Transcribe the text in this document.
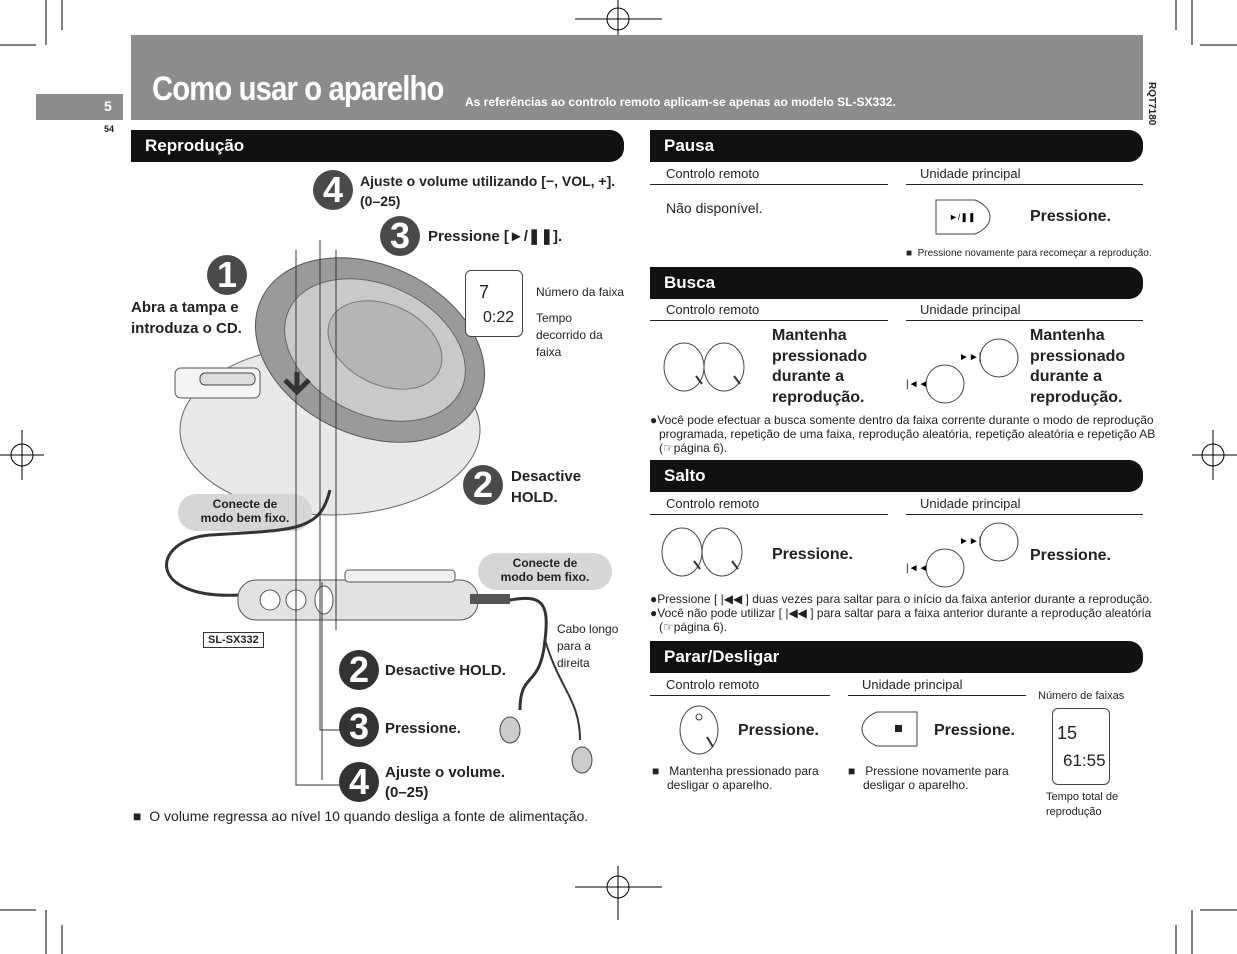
Como usar o aparelho As referências ao controlo remoto aplicam-se apenas ao modelo SL-SX332.
5
54
RQT7180
Reprodução
4	Ajuste o volume utilizando [−, VOL, +].
(0–25)
3	Pressione [►/❚❚].
1
Abra a tampa e
introduza o CD.
7
0:22
Número da faixa
Tempo
decorrido da
faixa
2	Desactive
HOLD.
Conecte de
modo bem fixo.
Conecte de
modo bem fixo.
SL-SX332
Cabo longo
para a
direita
2	Desactive HOLD.
3	Pressione.
4	Ajuste o volume.
(0–25)
■  O volume regressa ao nível 10 quando desliga a fonte de alimentação.
Pausa
Controlo remoto	Unidade principal
Não disponível.
►/❚❚	Pressione.
■  Pressione novamente para recomeçar a reprodução.
Busca
Controlo remoto	Unidade principal
Mantenha
pressionado
durante a
reprodução.
►►|
|◄◄
Mantenha
pressionado
durante a
reprodução.
●Você pode efectuar a busca somente dentro da faixa corrente durante o modo de reprodução
programada, repetição de uma faixa, reprodução aleatória, repetição aleatória e repetição AB
(☞página 6).
Salto
Controlo remoto	Unidade principal
Pressione.
►►|
|◄◄
Pressione.
●Pressione [ |◀◀ ] duas vezes para saltar para o início da faixa anterior durante a reprodução.
●Você não pode utilizar [ |◀◀ ] para saltar para a faixa anterior durante a reprodução aleatória
(☞página 6).
Parar/Desligar
Controlo remoto	Unidade principal
Pressione.	Pressione.
■   Mantenha pressionado para
desligar o aparelho.
■   Pressione novamente para
desligar o aparelho.
Número de faixas
15
61:55
Tempo total de
reprodução
